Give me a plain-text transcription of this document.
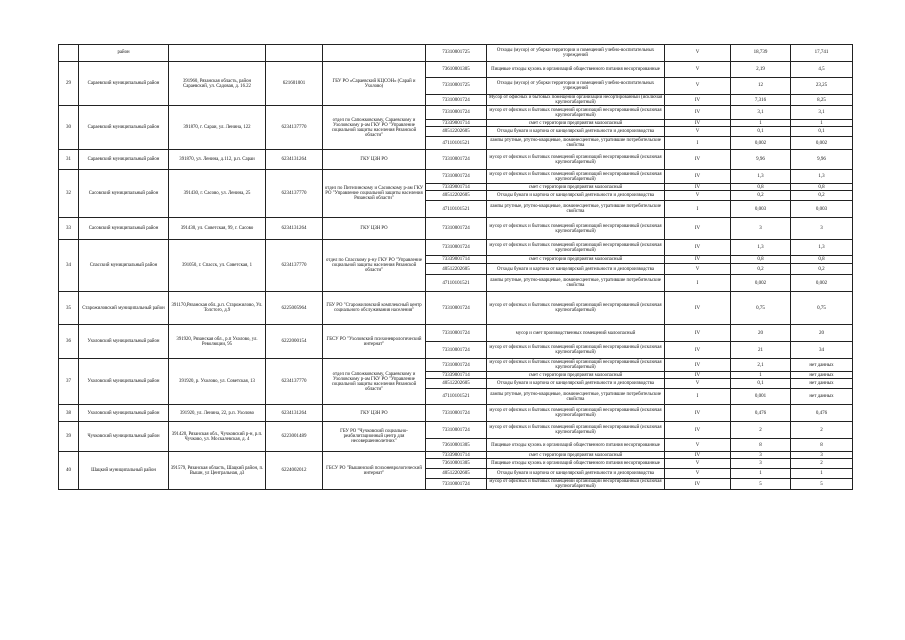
	район				73310001725	Отходы (мусор) от уборки территории и помещений учебно-воспитательных учреждений	V	18,739	17,741
29	Сараевский муниципальный район	391960, Рязанская область, район Сараевский, ул. Садовая, д. 16.22	621601001	ГБУ РО «Сараевский КЦСОН» (Сарай и Ухолово)	73610001305	Пищевые отходы кухонь и организаций общественного питания несортированные	V	2,19	4,5
					73310001725	Отходы (мусор) от уборки территории и помещений учебно-воспитательных учреждений	V	12	23,25
					73310001724	Мусор от офисных и бытовых помещений организаций несортированный (исключая крупногабаритный)	IV	7,316	8,25
30	Сараевский муниципальный район	391870, г. Сараи, ул. Ленина, 122	6234137770	отдел по Сапожковскому, Сараевскому и Ухоловскому р-ам ГКУ РО "Управление социальной защиты населения Рязанской области"	73310001724	мусор от офисных и бытовых помещений организаций несортированный (исключая крупногабаритный)	IV	3,1	3,1
					73339001714	смет с территории предприятия малоопасный	IV	1	1
					40512202605	Отходы бумаги и картона от канцелярской деятельности и делопроизводства	V	0,1	0,1
					47110101521	лампы ртутные, ртутно-кварцевые, люминесцентные, утратившие потребительские свойства	I	0,002	0,002
31	Сараевский муниципальный район	391870, ул. Ленина, д.112, р.п. Сараи	6234131264	ГКУ ЦЗН РО	73310001724	мусор от офисных и бытовых помещений организаций несортированный (исключая крупногабаритный)	IV	9,96	9,96
32	Сасовский муниципальный район	391430, г. Сасово, ул. Ленина, 25	6234137770	отдел по Пителинскому и Сасовскому р-ам ГКУ РО "Управление социальной защиты населения Рязанской области"	73310001724	мусор от офисных и бытовых помещений организаций несортированный (исключая крупногабаритный)	IV	1,3	1,3
					73339001714	смет с территории предприятия малоопасный	IV	0,8	0,8
					40512202605	Отходы бумаги и картона от канцелярской деятельности и делопроизводства	V	0,2	0,2
					47110101521	лампы ртутные, ртутно-кварцевые, люминесцентные, утратившие потребительские свойства	I	0,003	0,003
33	Сасовский муниципальный район	391430, ул. Советская, 99, г. Сасово	6234131264	ГКУ ЦЗН РО	73310001724	мусор от офисных и бытовых помещений организаций несортированный (исключая крупногабаритный)	IV	3	3
34	Спасский муниципальный район	391050, г. Спасск, ул. Советская, 1	6234137770	отдел по Спасскому р-ну ГКУ РО "Управление социальной защиты населения Рязанской области"	73310001724	мусор от офисных и бытовых помещений организаций несортированный (исключая крупногабаритный)	IV	1,3	1,3
					73339001714	смет с территории предприятия малоопасный	IV	0,8	0,8
					40512202605	Отходы бумаги и картона от канцелярской деятельности и делопроизводства	V	0,2	0,2
					47110101521	лампы ртутные, ртутно-кварцевые, люминесцентные, утратившие потребительские свойства	I	0,002	0,002
35	Старожиловский муниципальный район	391170,Рязанская обл.,р.п. Старожилово, Ул. Толстого, д.9	6225005964	ГБУ РО "Старожиловский комплексный центр социального обслуживания населения"	73310001724	мусор от офисных и бытовых помещений организаций несортированный (исключая крупногабаритный)	IV	0,75	0,75
36	Ухоловский муниципальный район	391920, Рязанская обл., р.п Ухолово, ул. Революции, 95	6222000154	ГБСУ РО "Ухоловский психоневрологический интернат"	73310001724	мусор и смет производственных помещений малоопасный	IV	20	20
					73310001724	мусор от офисных и бытовых помещений организаций несортированный (исключая крупногабаритный)	IV	21	34
37	Ухоловский муниципальный район	391920, р. Ухолово, ул. Советская, 13	6234137770	отдел по Сапожковскому, Сараевскому и Ухоловскому р-ам ГКУ РО "Управление социальной защиты населения Рязанской области"	73310001724	мусор от офисных и бытовых помещений организаций несортированный (исключая крупногабаритный)	IV	2,1	нет данных
					73339001714	смет с территории предприятия малоопасный	IV	1	нет данных
					40512202605	Отходы бумаги и картона от канцелярской деятельности и делопроизводства	V	0,1	нет данных
					47110101521	лампы ртутные, ртутно-кварцевые, люминесцентные, утратившие потребительские свойства	I	0,001	нет данных
38	Ухоловский муниципальный район	391920, ул. Ленина, 22, р.п. Ухолово	6234131264	ГКУ ЦЗН РО	73310001724	мусор от офисных и бытовых помещений организаций несортированный (исключая крупногабаритный)	IV	0,476	0,476
39	Чучковский муниципальный район	391420, Рязанская обл., Чучковский р-н, р.п. Чучково, ул. Москалевская, д. 4	6223001489	ГБУ РО "Чучковский социально-реабилитационный центр для несовершеннолетних"	73310001724	мусор от офисных и бытовых помещений организаций несортированный (исключая крупногабаритный)	IV	2	2
					73610001305	Пищевые отходы кухонь и организаций общественного питания несортированные	V	8	8
40	Шацкий муниципальный район	391579, Рязанская область, Шацкий район, п. Вышн, ул Центральная, д3	6224002012	ГБСУ РО "Вышинский психоневрологический интернат"	73339001714	смет с территории предприятия малоопасный	IV	3	3
					73610001305	Пищевые отходы кухонь и организаций общественного питания несортированные	V	3	2
					40512202605	Отходы бумаги и картона от канцелярской деятельности и делопроизводства	V	1	1
					73310001724	мусор от офисных и бытовых помещений организаций несортированный (исключая крупногабаритный)	IV	5	5
